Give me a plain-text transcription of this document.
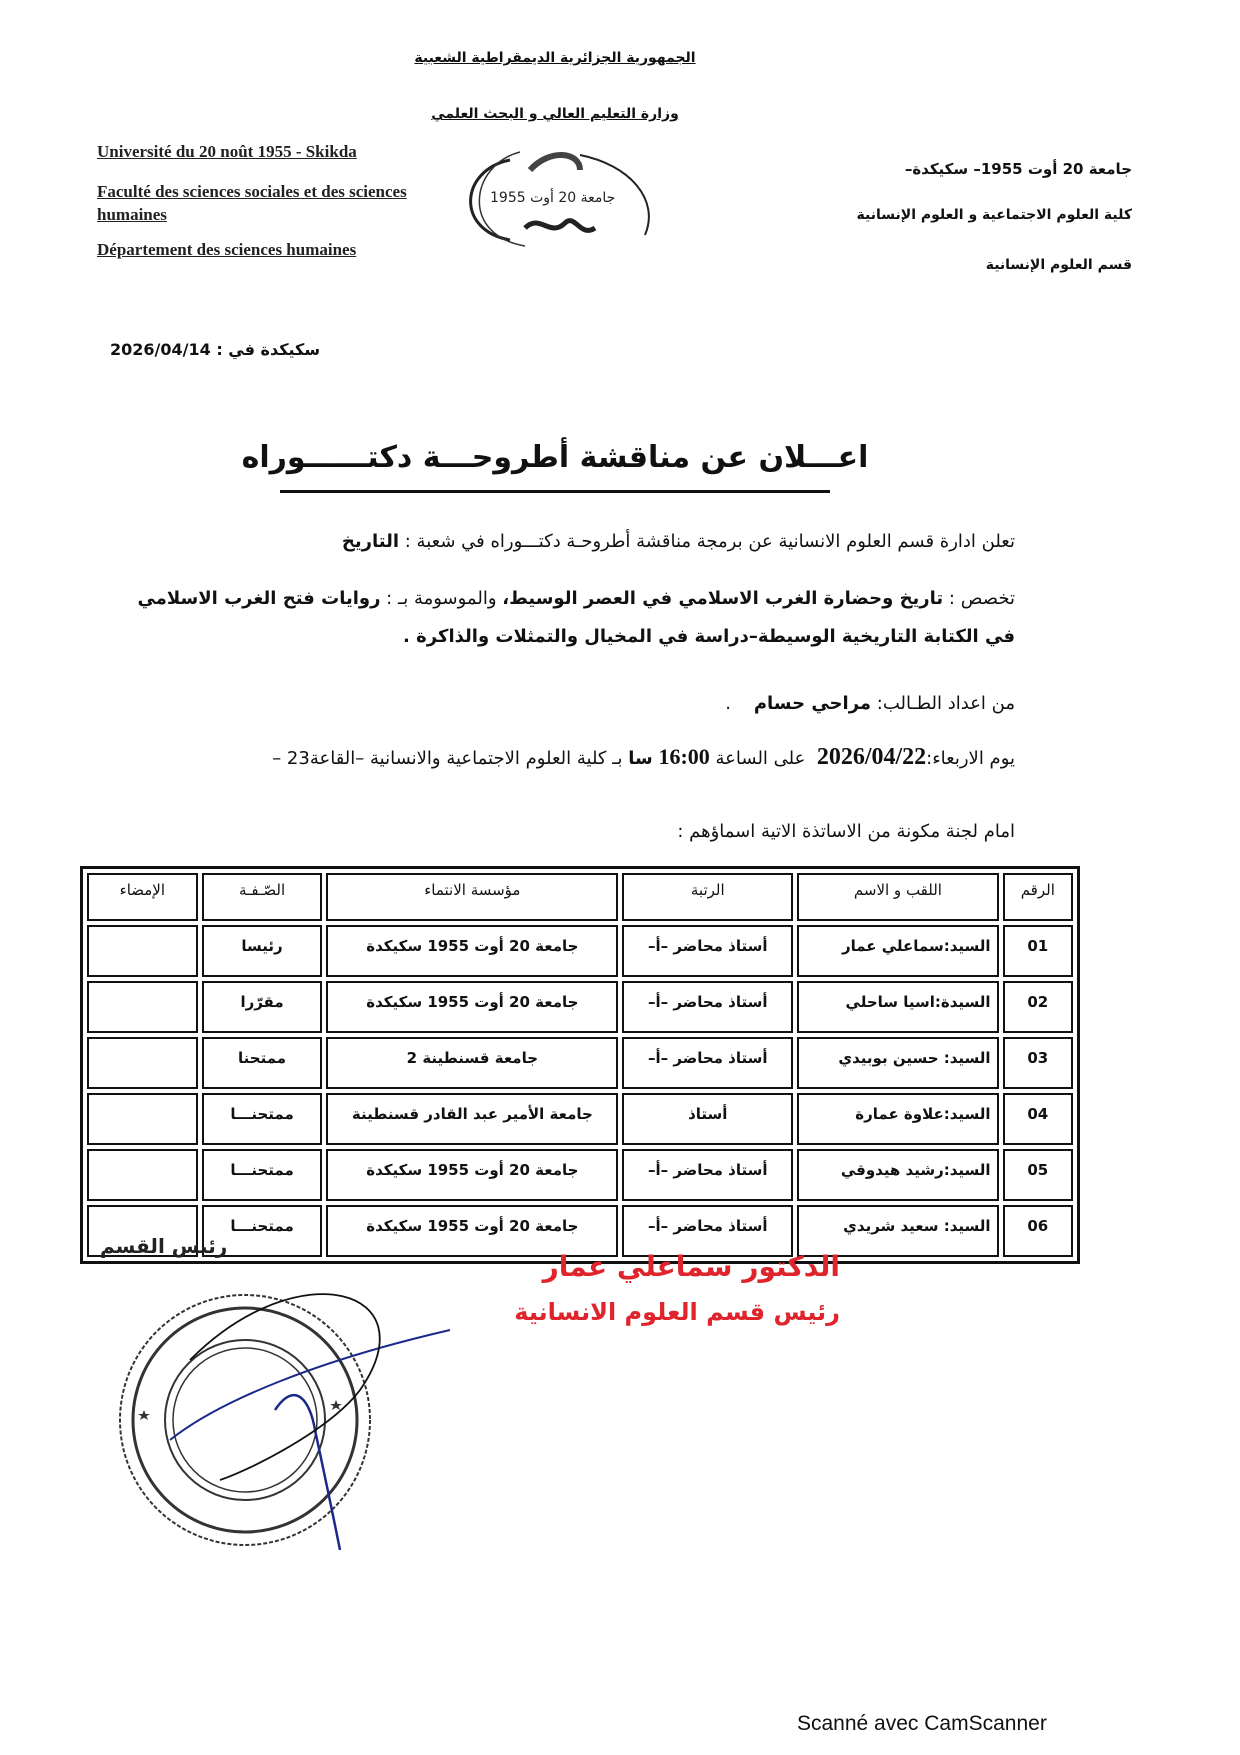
الجمهورية الجزائرية الديمقراطية الشعبية
وزارة التعليم العالي و البحث العلمي
Université du 20 noût 1955 - Skikda
Faculté des sciences sociales et des sciences humaines
Département des sciences humaines
جامعة 20 أوت 1955
جامعة 20 أوت 1955– سكيكدة–
كلية العلوم الاجتماعية و العلوم الإنسانية
قسم العلوم الإنسانية
سكيكدة في : 2026/04/14
اعـــلان عن مناقشة أطروحـــة دكتــــــوراه
تعلن ادارة قسم العلوم الانسانية عن برمجة مناقشة أطروحـة دكتـــوراه في شعبة : التاريخ
تخصص : تاريخ وحضارة الغرب الاسلامي في العصر الوسيط، والموسومة بـ : روايات فتح الغرب الاسلامي في الكتابة التاريخية الوسيطة–دراسة في المخيال والتمثلات والذاكرة .
من اعداد الطـالب: مراحي حسام    .
يوم الاربعاء:2026/04/22  على الساعة 16:00 سا بـ كلية العلوم الاجتماعية والانسانية –القاعة23 –
امام لجنة مكونة من الاساتذة الاتية اسماؤهم :
الرقم	اللقب و الاسم	الرتبة	مؤسسة الانتماء	الصّـفـة	الإمضاء
01	السيد:سماعلي عمار	أستاذ محاضر –أ–	جامعة 20 أوت 1955 سكيكدة	رئيسا	
02	السيدة:اسيا ساحلي	أستاذ محاضر –أ–	جامعة 20 أوت 1955 سكيكدة	مقرّرا	
03	السيد: حسين بوبيدي	أستاذ محاضر –أ–	جامعة قسنطينة 2	ممتحنا	
04	السيد:علاوة عمارة	أستاذ	جامعة الأمير عبد القادر قسنطينة	ممتحنـــا	
05	السيد:رشيد هيدوقي	أستاذ محاضر –أ–	جامعة 20 أوت 1955 سكيكدة	ممتحنـــا	
06	السيد: سعيد شريدي	أستاذ محاضر –أ–	جامعة 20 أوت 1955 سكيكدة	ممتحنـــا	
رئيس القسم
الدكتور سماعلي عمار
رئيس قسم العلوم الانسانية
Scanné avec CamScanner
